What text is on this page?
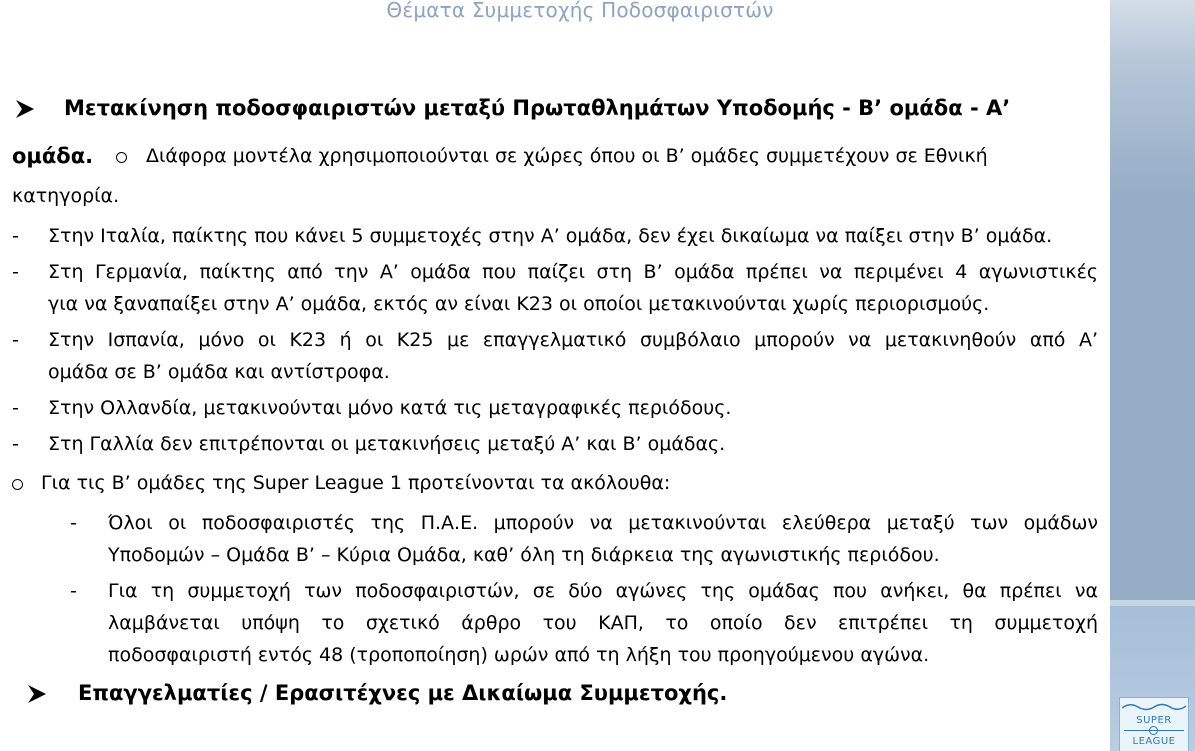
SUPER
LEAGUE
Θέματα Συμμετοχής Ποδοσφαιριστών
Μετακίνηση ποδοσφαιριστών μεταξύ Πρωταθλημάτων Υποδομής - Β’ ομάδα - Α’
ομάδα.	Διάφορα μοντέλα χρησιμοποιούνται σε χώρες όπου οι Β’ ομάδες συμμετέχουν σε Εθνική
κατηγορία.
- Στην Ιταλία, παίκτης που κάνει 5 συμμετοχές στην Α’ ομάδα, δεν έχει δικαίωμα να παίξει στην Β’ ομάδα.
- Στη Γερμανία, παίκτης από την Α’ ομάδα που παίζει στη Β’ ομάδα πρέπει να περιμένει 4 αγωνιστικές
για να ξαναπαίξει στην Α’ ομάδα, εκτός αν είναι Κ23 οι οποίοι μετακινούνται χωρίς περιορισμούς.
- Στην Ισπανία, μόνο οι Κ23 ή οι Κ25 με επαγγελματικό συμβόλαιο μπορούν να μετακινηθούν από Α’
ομάδα σε Β’ ομάδα και αντίστροφα.
- Στην Ολλανδία, μετακινούνται μόνο κατά τις μεταγραφικές περιόδους.
- Στη Γαλλία δεν επιτρέπονται οι μετακινήσεις μεταξύ Α’ και Β’ ομάδας.
Για τις Β’ ομάδες της Super League 1 προτείνονται τα ακόλουθα:
- Όλοι οι ποδοσφαιριστές της Π.Α.Ε. μπορούν να μετακινούνται ελεύθερα μεταξύ των ομάδων
Υποδομών – Ομάδα Β’ – Κύρια Ομάδα, καθ’ όλη τη διάρκεια της αγωνιστικής περιόδου.
- Για τη συμμετοχή των ποδοσφαιριστών, σε δύο αγώνες της ομάδας που ανήκει, θα πρέπει να
λαμβάνεται υπόψη το σχετικό άρθρο του ΚΑΠ, το οποίο δεν επιτρέπει τη συμμετοχή
ποδοσφαιριστή εντός 48 (τροποποίηση) ωρών από τη λήξη του προηγούμενου αγώνα.
Επαγγελματίες / Ερασιτέχνες με Δικαίωμα Συμμετοχής.
